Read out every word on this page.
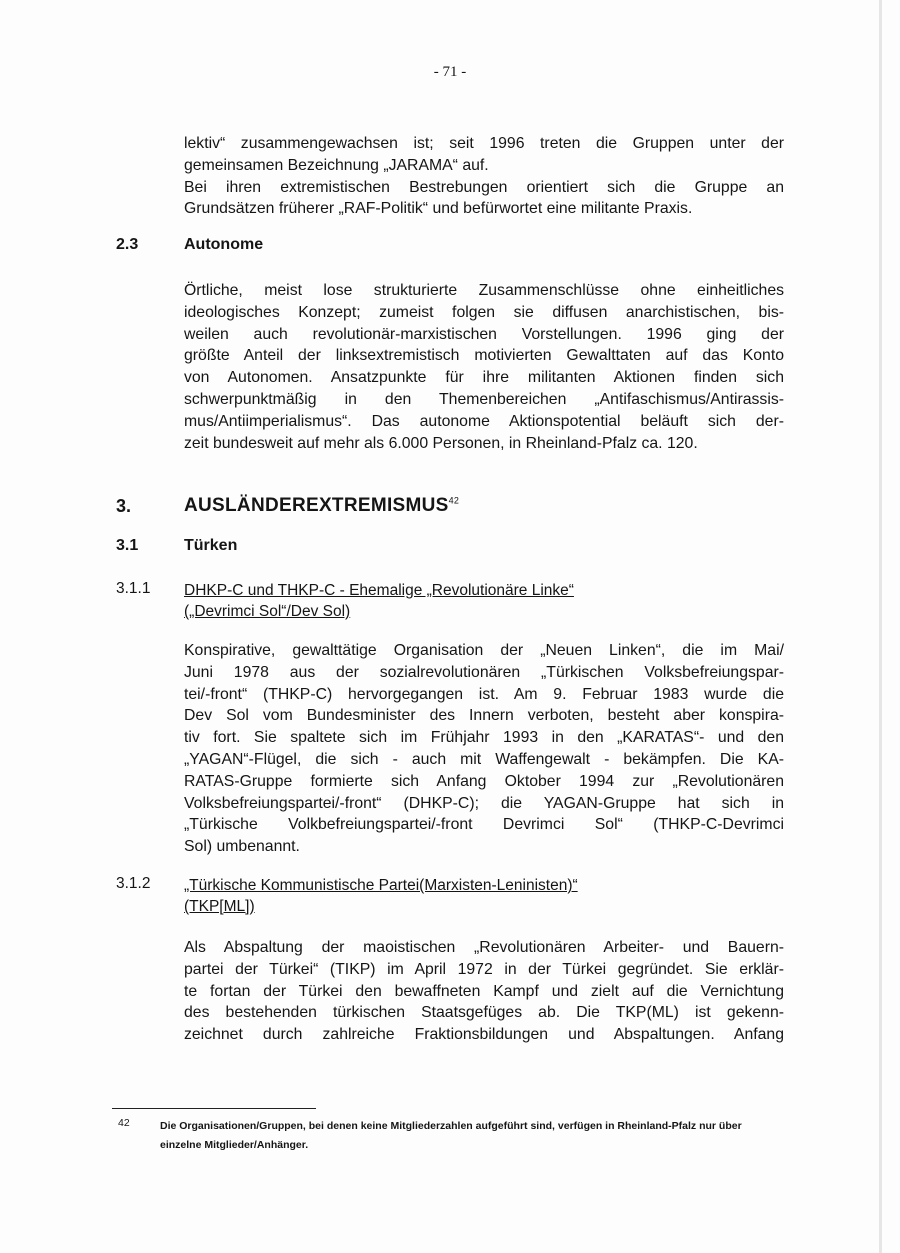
- 71 -
lektiv“ zusammengewachsen ist; seit 1996 treten die Gruppen unter der
gemeinsamen Bezeichnung „JARAMA“ auf.
Bei ihren extremistischen Bestrebungen orientiert sich die Gruppe an
Grundsätzen früherer „RAF-Politik“ und befürwortet eine militante Praxis.
2.3	Autonome
Örtliche, meist lose strukturierte Zusammenschlüsse ohne einheitliches
ideologisches Konzept; zumeist folgen sie diffusen anarchistischen, bis-
weilen auch revolutionär-marxistischen Vorstellungen. 1996 ging der
größte Anteil der linksextremistisch motivierten Gewalttaten auf das Konto
von Autonomen. Ansatzpunkte für ihre militanten Aktionen finden sich
schwerpunktmäßig in den Themenbereichen „Antifaschismus/Antirassis-
mus/Antiimperialismus“. Das autonome Aktionspotential beläuft sich der-
zeit bundesweit auf mehr als 6.000 Personen, in Rheinland-Pfalz ca. 120.
3.	AUSLÄNDEREXTREMISMUS$^{42}$
3.1	Türken
3.1.1 DHKP-C und THKP-C - Ehemalige „Revolutionäre Linke“
(„Devrimci Sol“/Dev Sol)
Konspirative, gewalttätige Organisation der „Neuen Linken“, die im Mai/
Juni 1978 aus der sozialrevolutionären „Türkischen Volksbefreiungspar-
tei/-front“ (THKP-C) hervorgegangen ist. Am 9. Februar 1983 wurde die
Dev Sol vom Bundesminister des Innern verboten, besteht aber konspira-
tiv fort. Sie spaltete sich im Frühjahr 1993 in den „KARATAS“- und den
„YAGAN“-Flügel, die sich - auch mit Waffengewalt - bekämpfen. Die KA-
RATAS-Gruppe formierte sich Anfang Oktober 1994 zur „Revolutionären
Volksbefreiungspartei/-front“ (DHKP-C); die YAGAN-Gruppe hat sich in
„Türkische Volkbefreiungspartei/-front Devrimci Sol“ (THKP-C-Devrimci
Sol) umbenannt.
3.1.2 „Türkische Kommunistische Partei(Marxisten-Leninisten)“
(TKP[ML])
Als Abspaltung der maoistischen „Revolutionären Arbeiter- und Bauern-
partei der Türkei“ (TIKP) im April 1972 in der Türkei gegründet. Sie erklär-
te fortan der Türkei den bewaffneten Kampf und zielt auf die Vernichtung
des bestehenden türkischen Staatsgefüges ab. Die TKP(ML) ist gekenn-
zeichnet durch zahlreiche Fraktionsbildungen und Abspaltungen. Anfang
42	Die Organisationen/Gruppen, bei denen keine Mitgliederzahlen aufgeführt sind, verfügen in Rheinland-Pfalz nur über einzelne Mitglieder/Anhänger.
